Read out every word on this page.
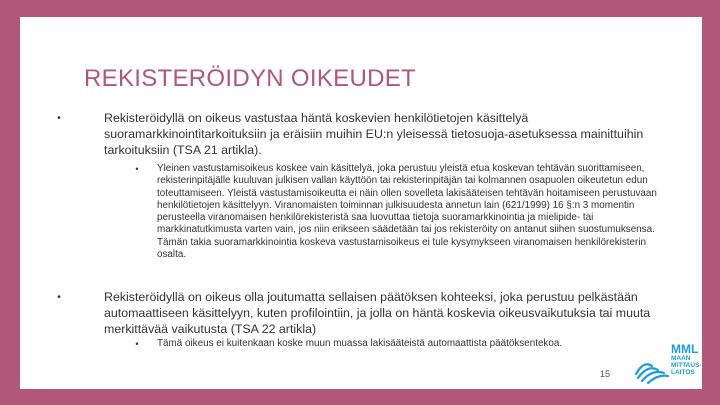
REKISTERÖIDYN OIKEUDET
•	Rekisteröidyllä on oikeus vastustaa häntä koskevien henkilötietojen käsittelyä suoramarkkinointitarkoituksiin ja eräisiin muihin EU:n yleisessä tietosuoja-asetuksessa mainittuihin tarkoituksiin (TSA 21 artikla).
•	Yleinen vastustamisoikeus koskee vain käsittelyä, joka perustuu yleistä etua koskevan tehtävän suorittamiseen, rekisterinpitäjälle kuuluvan julkisen vallan käyttöön tai rekisterinpitäjän tai kolmannen osapuolen oikeutetun edun toteuttamiseen. Yleistä vastustamisoikeutta ei näin ollen sovelleta lakisääteisen tehtävän hoitamiseen perustuvaan henkilötietojen käsittelyyn. Viranomaisten toiminnan julkisuudesta annetun lain (621/1999) 16 §:n 3 momentin perusteella viranomaisen henkilörekisteristä saa luovuttaa tietoja suoramarkkinointia ja mielipide- tai markkinatutkimusta varten vain, jos niin erikseen säädetään tai jos rekisteröity on antanut siihen suostumuksensa. Tämän takia suoramarkkinointia koskeva vastustamisoikeus ei tule kysymykseen viranomaisen henkilörekisterin osalta.
•	Rekisteröidyllä on oikeus olla joutumatta sellaisen päätöksen kohteeksi, joka perustuu pelkästään automaattiseen käsittelyyn, kuten profilointiin, ja jolla on häntä koskevia oikeusvaikutuksia tai muuta merkittävää vaikutusta (TSA 22 artikla)
•	Tämä oikeus ei kuitenkaan koske muun muassa lakisääteistä automaattista päätöksentekoa.	MML
MAAN
MITTAUS-
LAITOS
15
